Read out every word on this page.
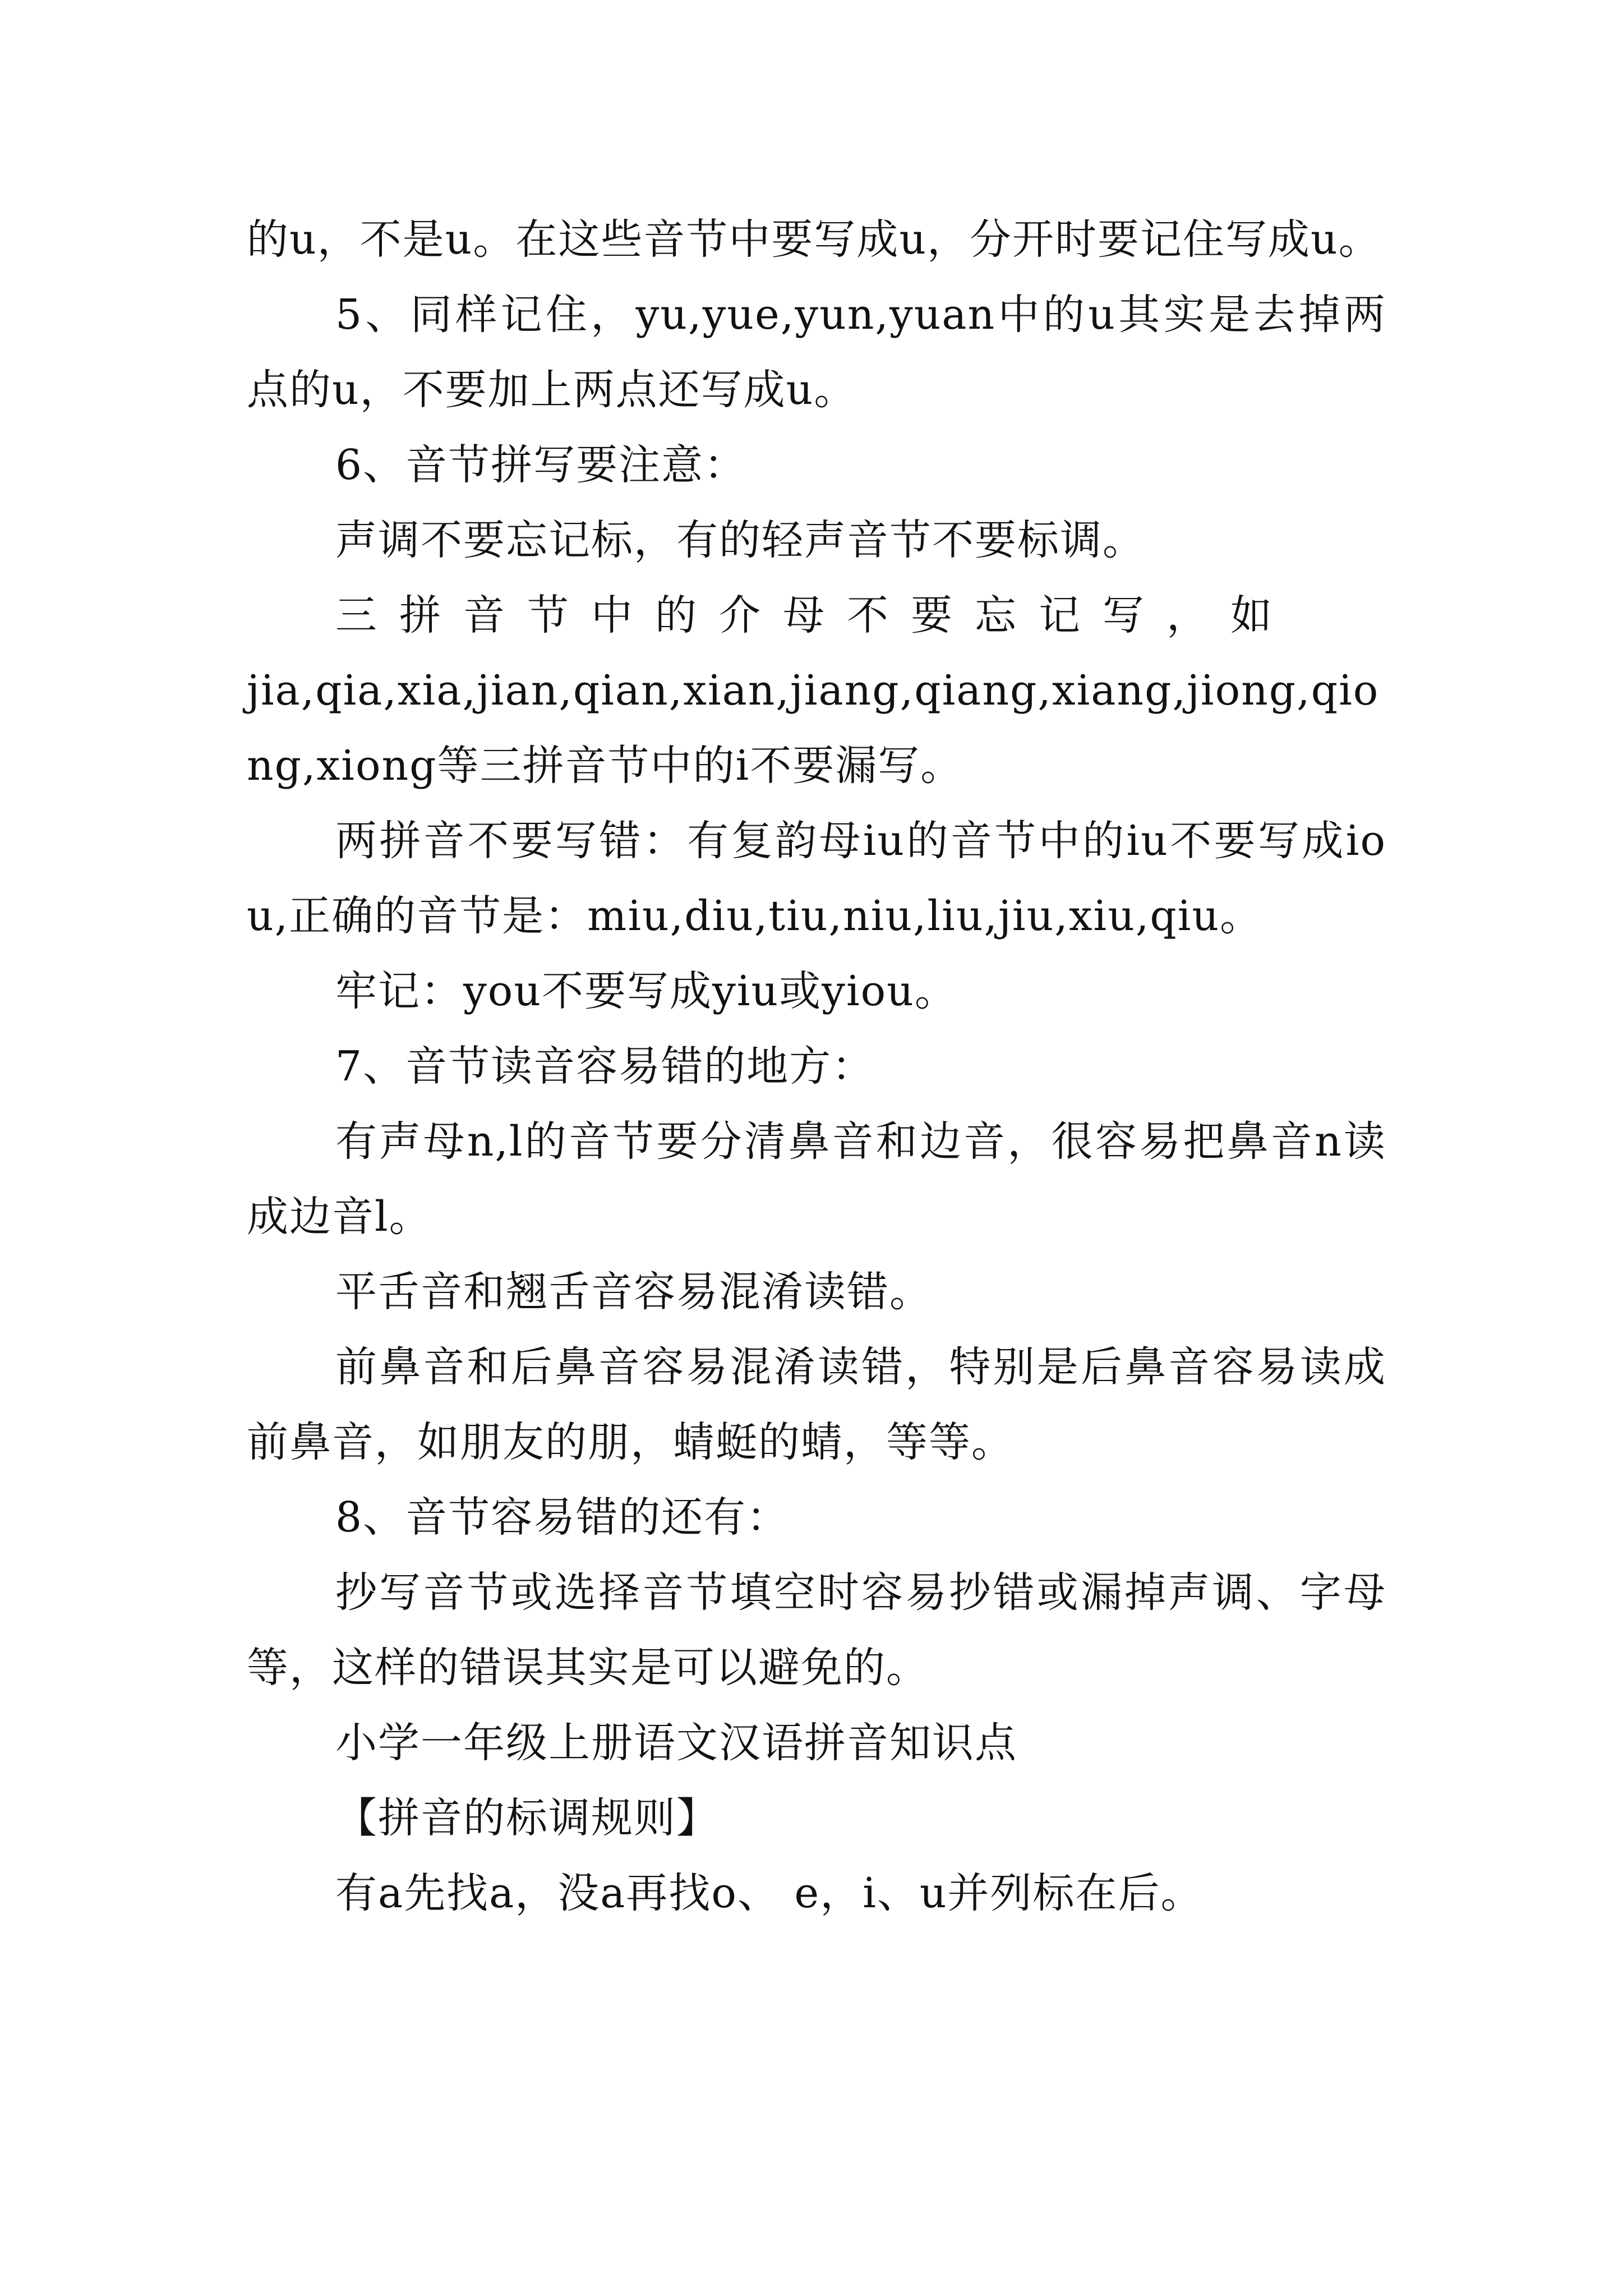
的u，不是u。在这些音节中要写成u，分开时要记住写成u。

5、同样记住，yu,yue,yun,yuan中的u其实是去掉两点的u，不要加上两点还写成u。

6、音节拼写要注意：

声调不要忘记标，有的轻声音节不要标调。

三拼音节中的介母不要忘记写，如

jia,qia,xia,jian,qian,xian,jiang,qiang,xiang,jiong,qiong,xiong等三拼音节中的i不要漏写。

两拼音不要写错：有复韵母iu的音节中的iu不要写成iou,正确的音节是：miu,diu,tiu,niu,liu,jiu,xiu,qiu。

牢记：you不要写成yiu或yiou。

7、音节读音容易错的地方：

有声母n,l的音节要分清鼻音和边音，很容易把鼻音n读成边音l。

平舌音和翘舌音容易混淆读错。

前鼻音和后鼻音容易混淆读错，特别是后鼻音容易读成前鼻音，如朋友的朋，蜻蜓的蜻，等等。

8、音节容易错的还有：

抄写音节或选择音节填空时容易抄错或漏掉声调、字母等，这样的错误其实是可以避免的。

小学一年级上册语文汉语拼音知识点

【拼音的标调规则】

有a先找a，没a再找o、 e，i、u并列标在后。
